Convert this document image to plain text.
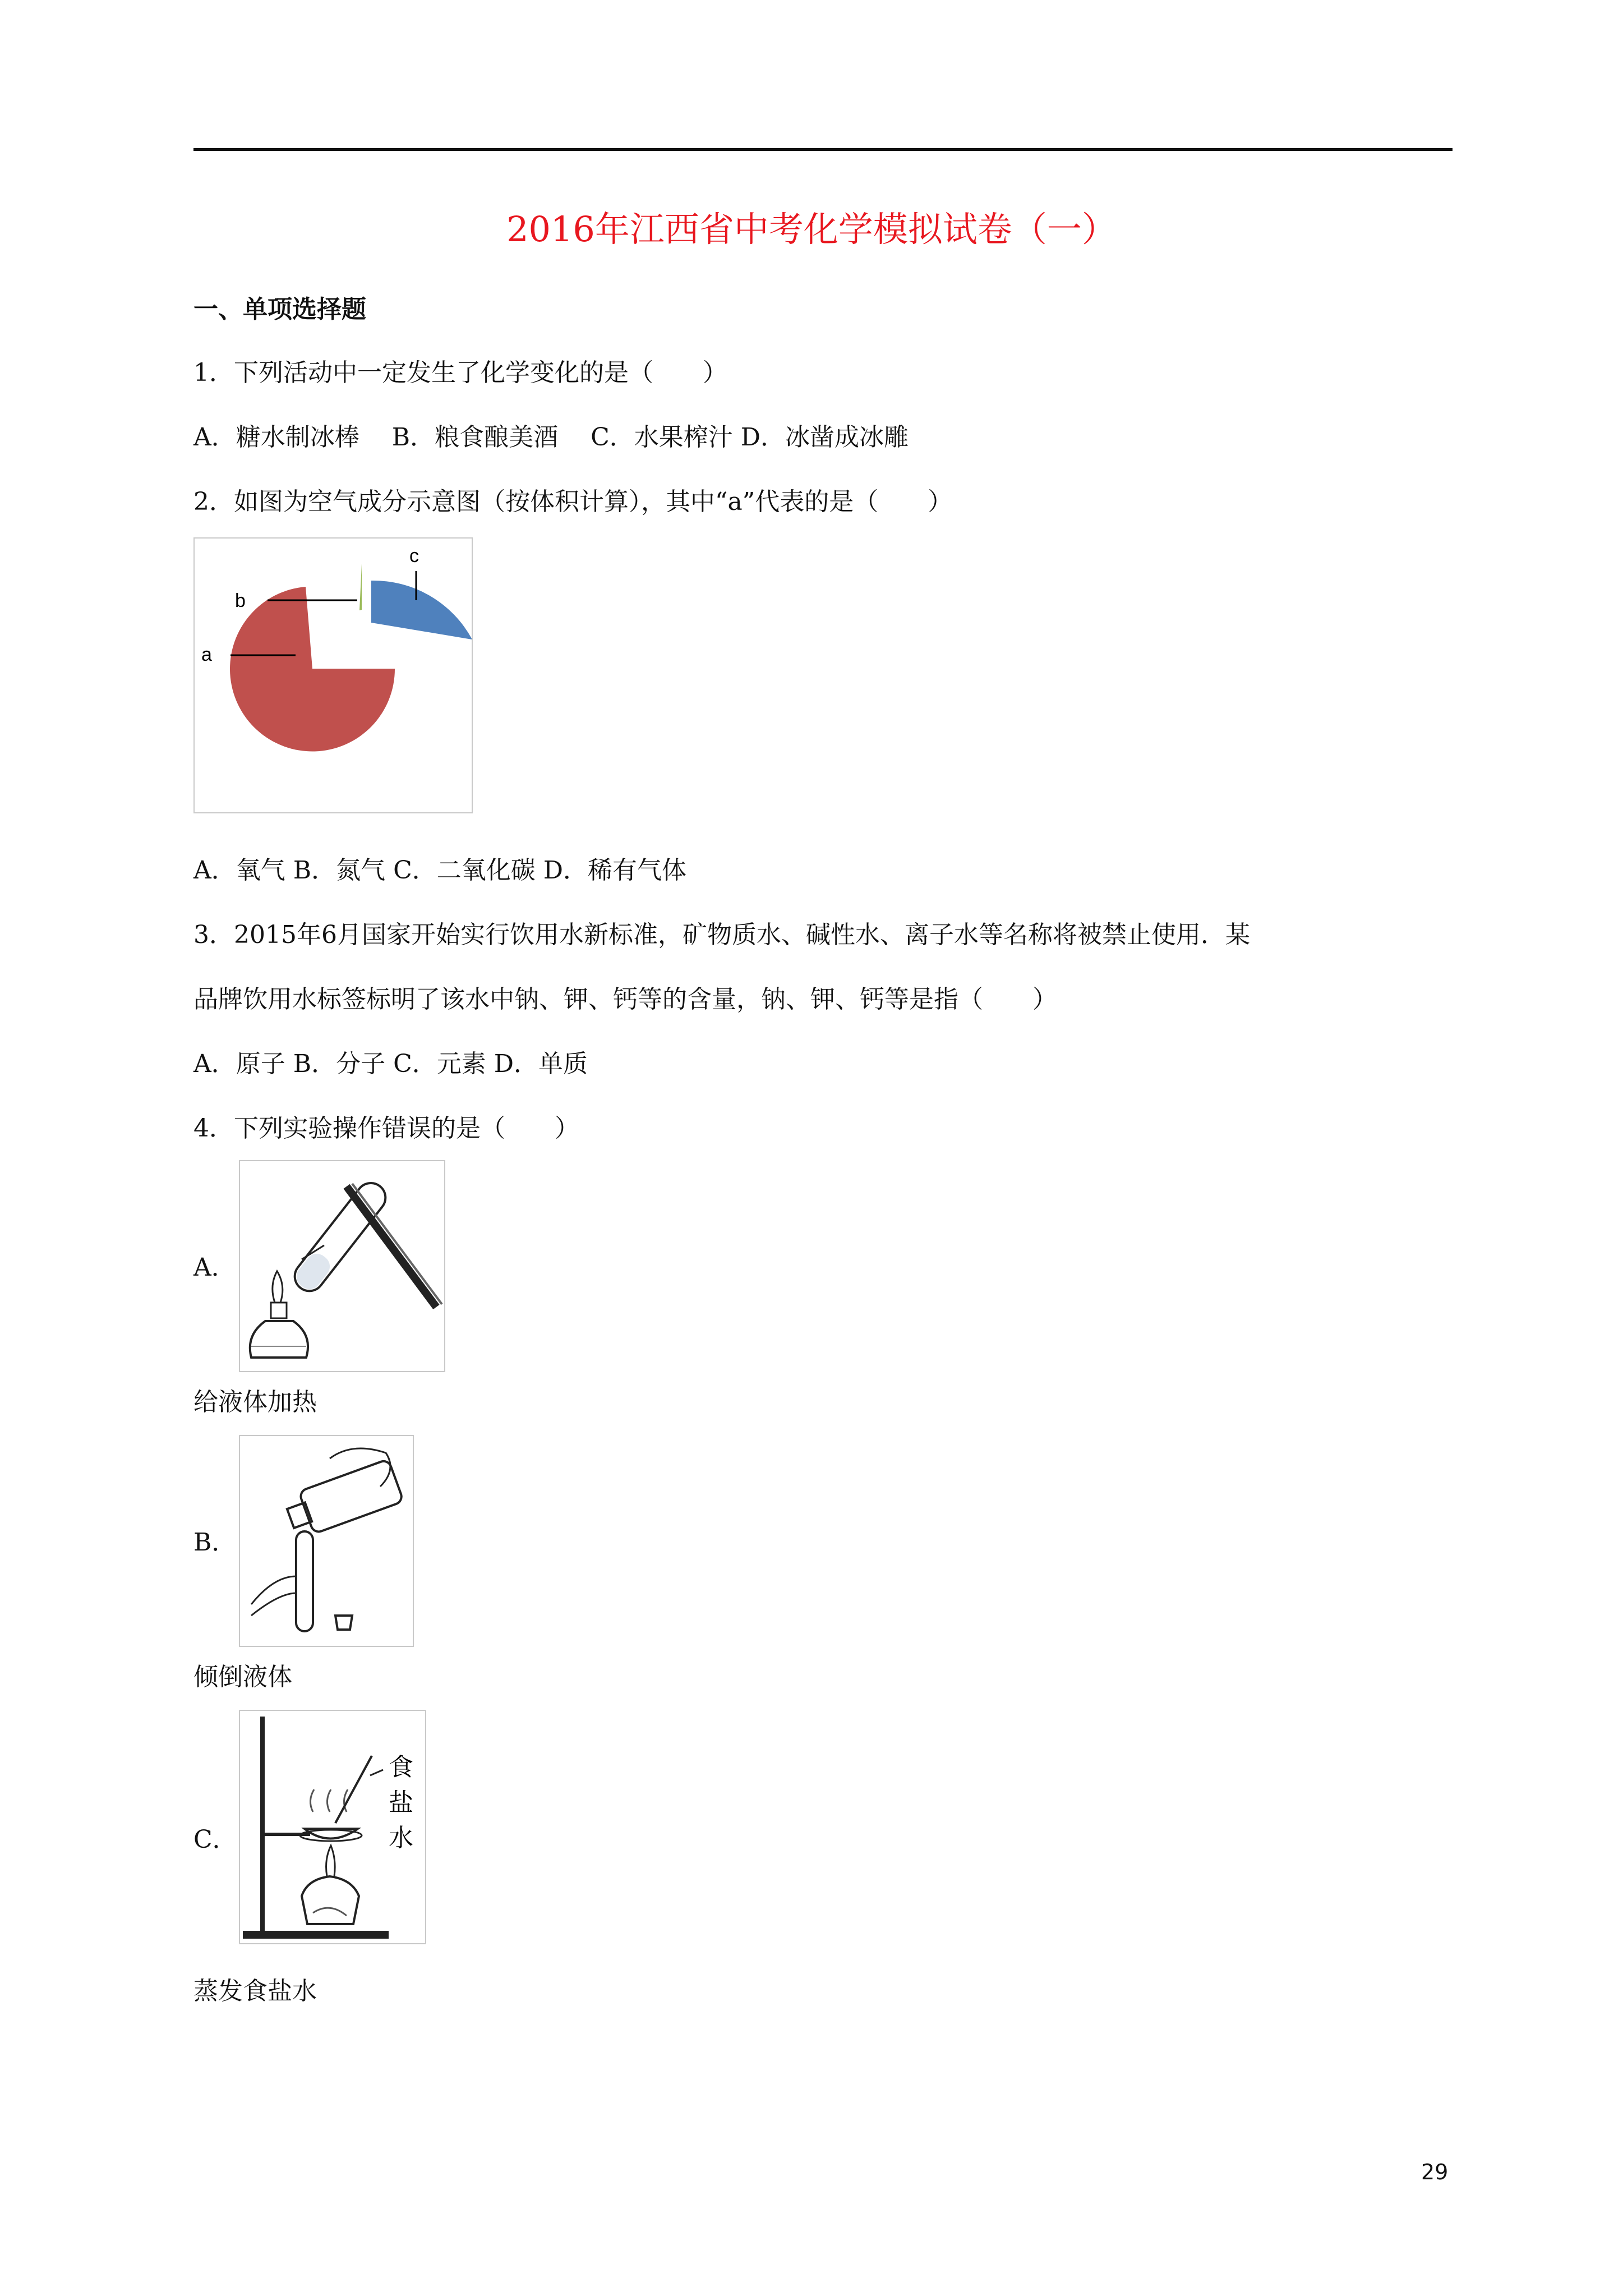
2016年江西省中考化学模拟试卷（一）
一、单项选择题
1．下列活动中一定发生了化学变化的是（　　）
A．糖水制冰棒　 B．粮食酿美酒　 C．水果榨汁 D．冰凿成冰雕
2．如图为空气成分示意图（按体积计算），其中“a”代表的是（　　）
a
b
c
A．氧气 B．氮气 C．二氧化碳 D．稀有气体
3．2015年6月国家开始实行饮用水新标准，矿物质水、碱性水、离子水等名称将被禁止使用．某
品牌饮用水标签标明了该水中钠、钾、钙等的含量，钠、钾、钙等是指（　　）
A．原子 B．分子 C．元素 D．单质
4．下列实验操作错误的是（　　）
A．
给液体加热
B．
倾倒液体
C．
食
盐
水
蒸发食盐水
29
